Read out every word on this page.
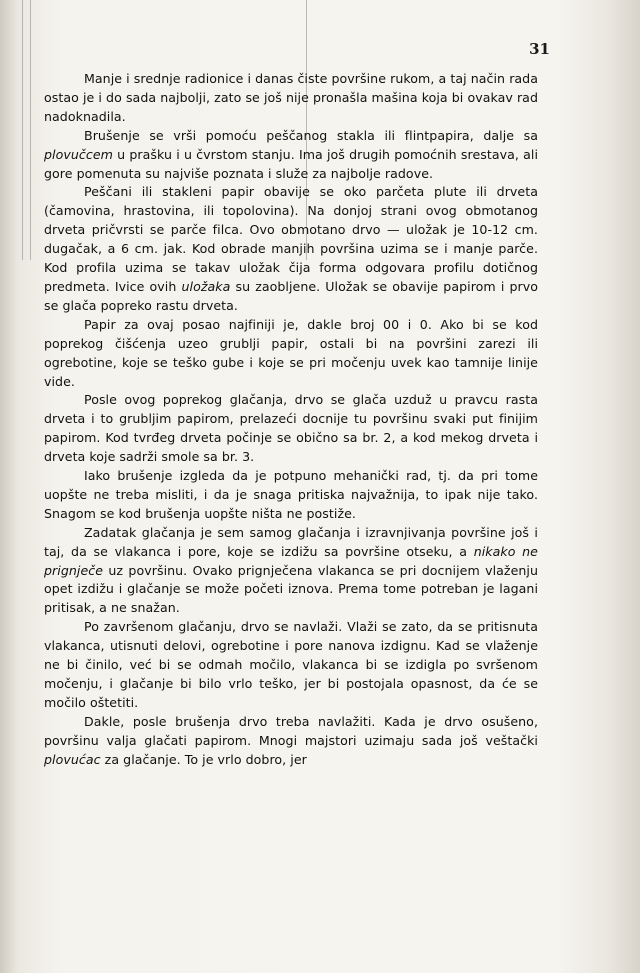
31

Manje i srednje radionice i danas čiste površine rukom, a taj način rada ostao je i do sada najbolji, zato se još nije pronašla mašina koja bi ovakav rad nadoknadila.

Brušenje se vrši pomoću peščanog stakla ili flintpapira, dalje sa plovučcem u prašku i u čvrstom stanju. Ima još drugih pomoćnih srestava, ali gore pomenuta su najviše poznata i služe za najbolje radove.

Peščani ili stakleni papir obavije se oko parčeta plute ili drveta (čamovina, hrastovina, ili topolovina). Na donjoj strani ovog obmotanog drveta pričvrsti se parče filca. Ovo obmotano drvo — uložak je 10-12 cm. dugačak, a 6 cm. jak. Kod obrade manjih površina uzima se i manje parče. Kod profila uzima se takav uložak čija forma odgovara profilu dotičnog predmeta. Ivice ovih uložaka su zaobljene. Uložak se obavije papirom i prvo se glača popreko rastu drveta.

Papir za ovaj posao najfiniji je, dakle broj 00 i 0. Ako bi se kod poprekog čišćenja uzeo grublji papir, ostali bi na površini zarezi ili ogrebotine, koje se teško gube i koje se pri močenju uvek kao tamnije linije vide.

Posle ovog poprekog glačanja, drvo se glača uzduž u pravcu rasta drveta i to grubljim papirom, prelazeći docnije tu površinu svaki put finijim papirom. Kod tvrđeg drveta počinje se obično sa br. 2, a kod mekog drveta i drveta koje sadrži smole sa br. 3.

Iako brušenje izgleda da je potpuno mehanički rad, tj. da pri tome uopšte ne treba misliti, i da je snaga pritiska najvažnija, to ipak nije tako. Snagom se kod brušenja uopšte ništa ne postiže.

Zadatak glačanja je sem samog glačanja i izravnjivanja površine još i taj, da se vlakanca i pore, koje se izdižu sa površine otseku, a nikako ne prignječe uz površinu. Ovako prignječena vlakanca se pri docnijem vlaženju opet izdižu i glačanje se može početi iznova. Prema tome potreban je lagani pritisak, a ne snažan.

Po završenom glačanju, drvo se navlaži. Vlaži se zato, da se pritisnuta vlakanca, utisnuti delovi, ogrebotine i pore nanova izdignu. Kad se vlaženje ne bi činilo, već bi se odmah močilo, vlakanca bi se izdigla po svršenom močenju, i glačanje bi bilo vrlo teško, jer bi postojala opasnost, da će se močilo oštetiti.

Dakle, posle brušenja drvo treba navlažiti. Kada je drvo osušeno, površinu valja glačati papirom. Mnogi majstori uzimaju sada još veštački plovućac za glačanje. To je vrlo dobro, jer
